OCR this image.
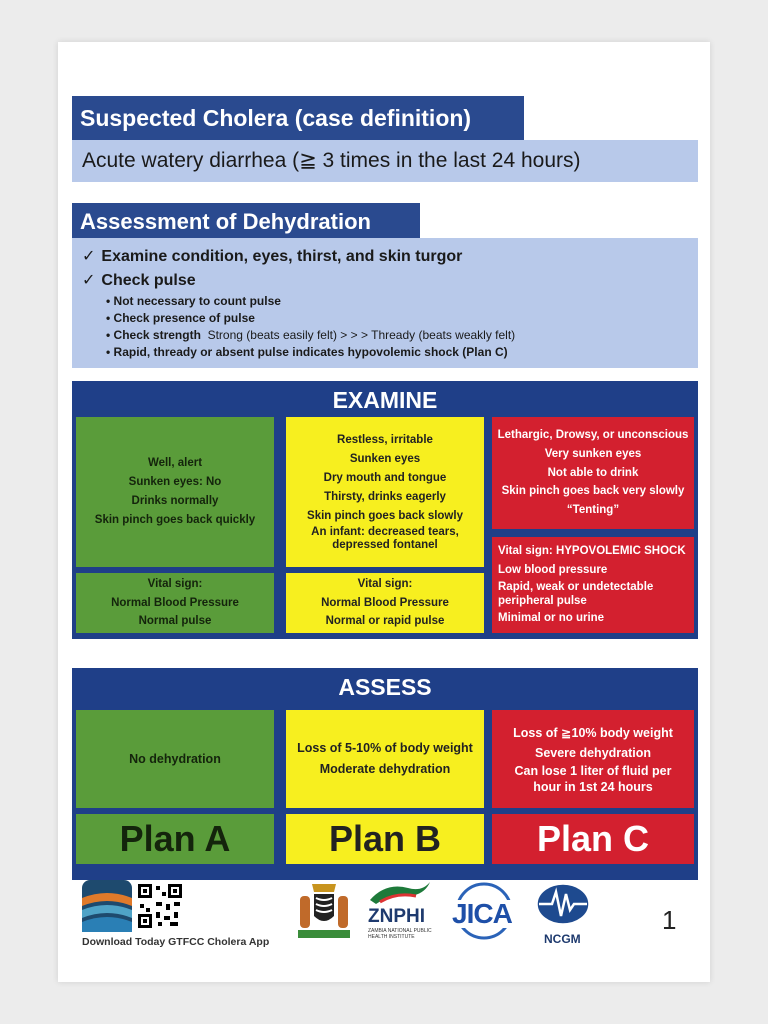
Suspected Cholera (case definition)
Acute watery diarrhea (≧ 3 times in the last 24 hours)
Assessment of Dehydration
✓ Examine condition, eyes, thirst, and skin turgor
✓ Check pulse
• Not necessary to count pulse
• Check presence of pulse
• Check strength Strong (beats easily felt) > > > Thready (beats weakly felt)
• Rapid, thready or absent pulse indicates hypovolemic shock (Plan C)
EXAMINE
Well, alert
Sunken eyes: No
Drinks normally
Skin pinch goes back quickly
Restless, irritable
Sunken eyes
Dry mouth and tongue
Thirsty, drinks eagerly
Skin pinch goes back slowly
An infant: decreased tears, depressed fontanel
Lethargic, Drowsy, or unconscious
Very sunken eyes
Not able to drink
Skin pinch goes back very slowly
“Tenting”
Vital sign:
Normal Blood Pressure
Normal pulse
Vital sign:
Normal Blood Pressure
Normal or rapid pulse
Vital sign: HYPOVOLEMIC SHOCK
Low blood pressure
Rapid, weak or undetectable peripheral pulse
Minimal or no urine
ASSESS
No dehydration
Loss of 5-10% of body weight
Moderate dehydration
Loss of ≧10% body weight
Severe dehydration
Can lose 1 liter of fluid per hour in 1st 24 hours
Plan A	Plan B	Plan C
Download Today GTFCC Cholera App
ZNPHI
ZAMBIA NATIONAL PUBLIC HEALTH INSTITUTE
JICA
NCGM
1
